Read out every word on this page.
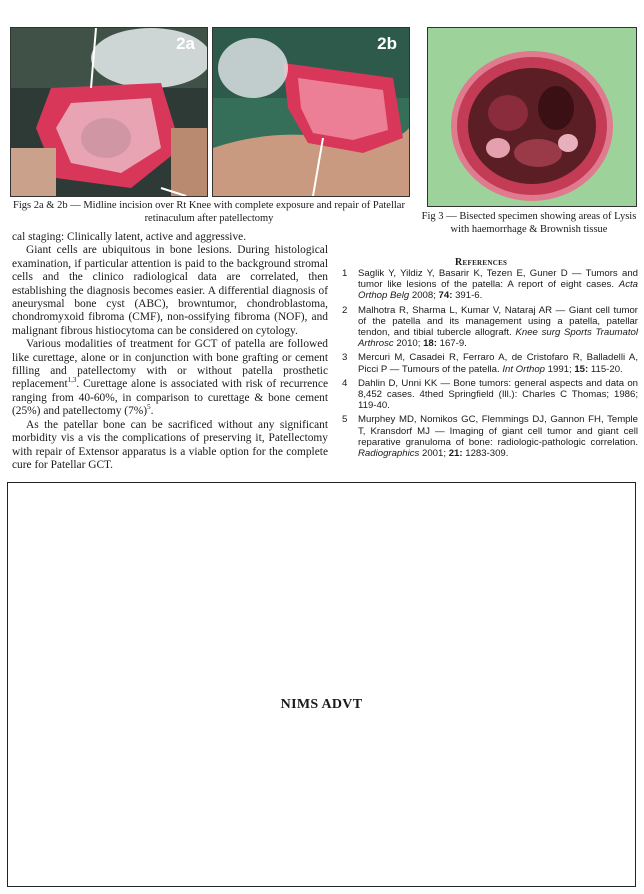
2a	2b
Figs 2a & 2b — Midline incision over Rt Knee with complete exposure and repair of Patellar retinaculum after patellectomy	Fig 3 — Bisected specimen showing areas of Lysis with haemorrhage & Brownish tissue

cal staging: Clinically latent, active and aggressive.

Giant cells are ubiquitous in bone lesions. During histological examination, if particular attention is paid to the background stromal cells and the clinico radiological data are correlated, then establishing the diagnosis becomes easier. A differential diagnosis of aneurysmal bone cyst (ABC), browntumor, chondroblastoma, chondromyxoid fibroma (CMF), non-ossifying fibroma (NOF), and malignant fibrous histiocytoma can be considered on cytology.

Various modalities of treatment for GCT of patella are followed like curettage, alone or in conjunction with bone grafting or cement filling and patellectomy with or without patella prosthetic replacement$^{1,3}$. Curettage alone is associated with risk of recurrence ranging from 40-60%, in comparison to curettage & bone cement (25%) and patellectomy $(7\%)^5$.

As the patellar bone can be sacrificed without any significant morbidity vis a vis the complications of preserving it, Patellectomy with repair of Extensor apparatus is a viable option for the complete cure for Patellar GCT.

References
1	Saglik Y, Yildiz Y, Basarir K, Tezen E, Guner D — Tumors and tumor like lesions of the patella: A report of eight cases. Acta Orthop Belg 2008; 74: 391-6.
2	Malhotra R, Sharma L, Kumar V, Nataraj AR — Giant cell tumor of the patella and its management using a patella, patellar tendon, and tibial tubercle allograft. Knee surg Sports Traumatol Arthrosc 2010; 18: 167-9.
3	Mercuri M, Casadei R, Ferraro A, de Cristofaro R, Balladelli A, Picci P — Tumours of the patella. Int Orthop 1991; 15: 115-20.
4	Dahlin D, Unni KK — Bone tumors: general aspects and data on 8,452 cases. 4thed Springfield (Ill.): Charles C Thomas; 1986; 119-40.
5	Murphey MD, Nomikos GC, Flemmings DJ, Gannon FH, Temple T, Kransdorf MJ — Imaging of giant cell tumor and giant cell reparative granuloma of bone: radiologic-pathologic correlation. Radiographics 2001; 21: 1283-309.
NIMS ADVT
